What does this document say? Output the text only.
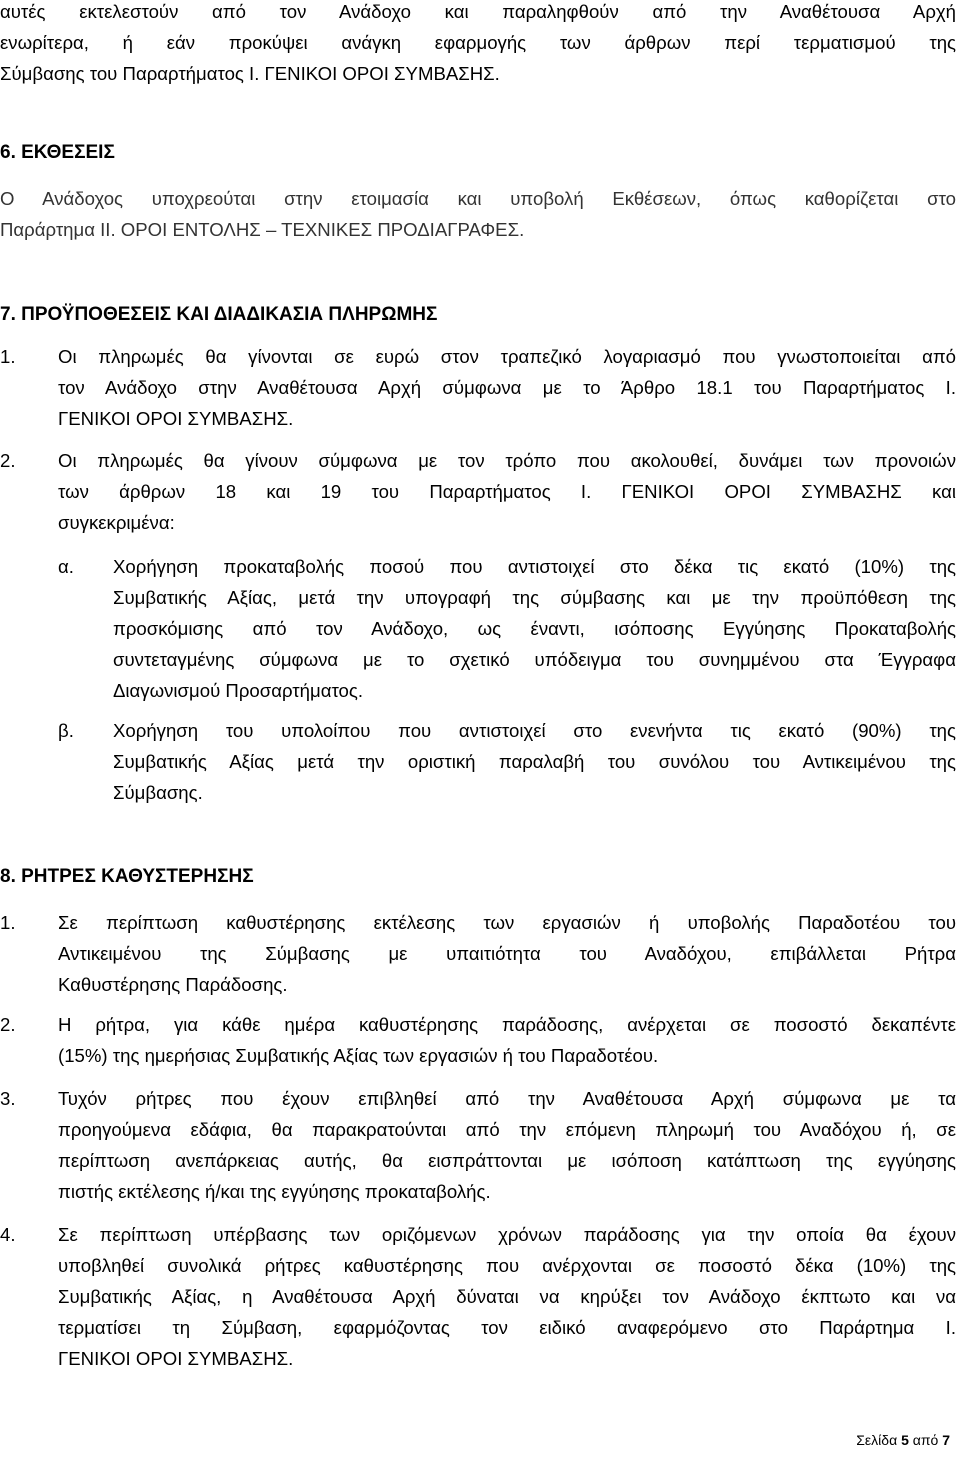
αυτές εκτελεστούν από τον Ανάδοχο και παραληφθούν από την Αναθέτουσα Αρχή
ενωρίτερα, ή εάν προκύψει ανάγκη εφαρμογής των άρθρων περί τερματισμού της
Σύμβασης του Παραρτήματος Ι. ΓΕΝΙΚΟΙ ΟΡΟΙ ΣΥΜΒΑΣΗΣ.
6. ΕΚΘΕΣΕΙΣ
Ο Ανάδοχος υποχρεούται στην ετοιμασία και υποβολή Εκθέσεων, όπως καθορίζεται στο
Παράρτημα ΙΙ. ΟΡΟΙ ΕΝΤΟΛΗΣ – ΤΕΧΝΙΚΕΣ ΠΡΟΔΙΑΓΡΑΦΕΣ.
7. ΠΡΟΫΠΟΘΕΣΕΙΣ ΚΑΙ ΔΙΑΔΙΚΑΣΙΑ ΠΛΗΡΩΜΗΣ
1. Οι πληρωμές θα γίνονται σε ευρώ στον τραπεζικό λογαριασμό που γνωστοποιείται από
τον Ανάδοχο στην Αναθέτουσα Αρχή σύμφωνα με το Άρθρο 18.1 του Παραρτήματος Ι.
ΓΕΝΙΚΟΙ ΟΡΟΙ ΣΥΜΒΑΣΗΣ.
2. Οι πληρωμές θα γίνουν σύμφωνα με τον τρόπο που ακολουθεί, δυνάμει των προνοιών
των άρθρων 18 και 19 του Παραρτήματος Ι. ΓΕΝΙΚΟΙ ΟΡΟΙ ΣΥΜΒΑΣΗΣ και
συγκεκριμένα:
α. Χορήγηση προκαταβολής ποσού που αντιστοιχεί στο δέκα τις εκατό (10%) της
Συμβατικής Αξίας, μετά την υπογραφή της σύμβασης και με την προϋπόθεση της
προσκόμισης από τον Ανάδοχο, ως έναντι, ισόποσης Εγγύησης Προκαταβολής
συντεταγμένης σύμφωνα με το σχετικό υπόδειγμα του συνημμένου στα Έγγραφα
Διαγωνισμού Προσαρτήματος.
β. Χορήγηση του υπολοίπου που αντιστοιχεί στο ενενήντα τις εκατό (90%) της
Συμβατικής Αξίας μετά την οριστική παραλαβή του συνόλου του Αντικειμένου της
Σύμβασης.
8. ΡΗΤΡΕΣ ΚΑΘΥΣΤΕΡΗΣΗΣ
1. Σε περίπτωση καθυστέρησης εκτέλεσης των εργασιών ή υποβολής Παραδοτέου του
Αντικειμένου της Σύμβασης με υπαιτιότητα του Αναδόχου, επιβάλλεται Ρήτρα
Καθυστέρησης Παράδοσης.
2. Η ρήτρα, για κάθε ημέρα καθυστέρησης παράδοσης, ανέρχεται σε ποσοστό δεκαπέντε
(15%) της ημερήσιας Συμβατικής Αξίας των εργασιών ή του Παραδοτέου.
3. Τυχόν ρήτρες που έχουν επιβληθεί από την Αναθέτουσα Αρχή σύμφωνα με τα
προηγούμενα εδάφια, θα παρακρατούνται από την επόμενη πληρωμή του Αναδόχου ή, σε
περίπτωση ανεπάρκειας αυτής, θα εισπράττονται με ισόποση κατάπτωση της εγγύησης
πιστής εκτέλεσης ή/και της εγγύησης προκαταβολής.
4. Σε περίπτωση υπέρβασης των οριζόμενων χρόνων παράδοσης για την οποία θα έχουν
υποβληθεί συνολικά ρήτρες καθυστέρησης που ανέρχονται σε ποσοστό δέκα (10%) της
Συμβατικής Αξίας, η Αναθέτουσα Αρχή δύναται να κηρύξει τον Ανάδοχο έκπτωτο και να
τερματίσει τη Σύμβαση, εφαρμόζοντας τον ειδικό αναφερόμενο στο Παράρτημα Ι.
ΓΕΝΙΚΟΙ ΟΡΟΙ ΣΥΜΒΑΣΗΣ.
Σελίδα 5 από 7
